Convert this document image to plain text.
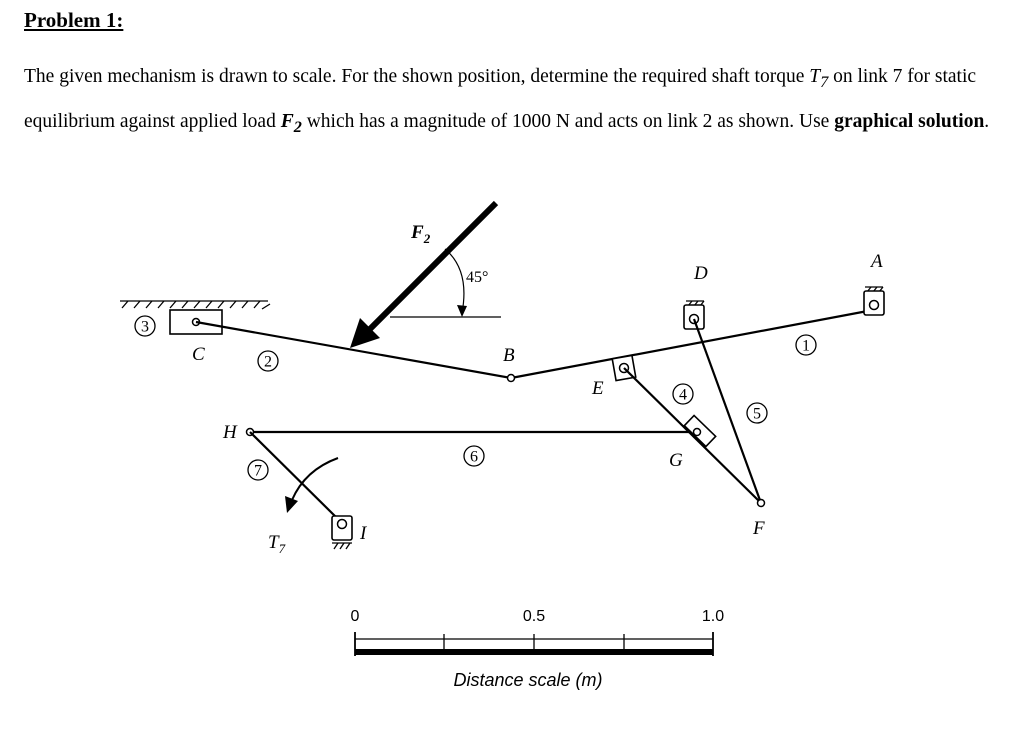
Problem 1:
The given mechanism is drawn to scale. For the shown position, determine the required shaft torque $T_7$ on link 7 for static equilibrium against applied load $F_2$ which has a magnitude of 1000 N and acts on link 2 as shown. Use graphical solution.
3
2
1
4
5
6
7
C	B
E
D
A
G
F
H
I
$F_2$
45°
$T_7$
0	0.5	1.0
Distance scale (m)
